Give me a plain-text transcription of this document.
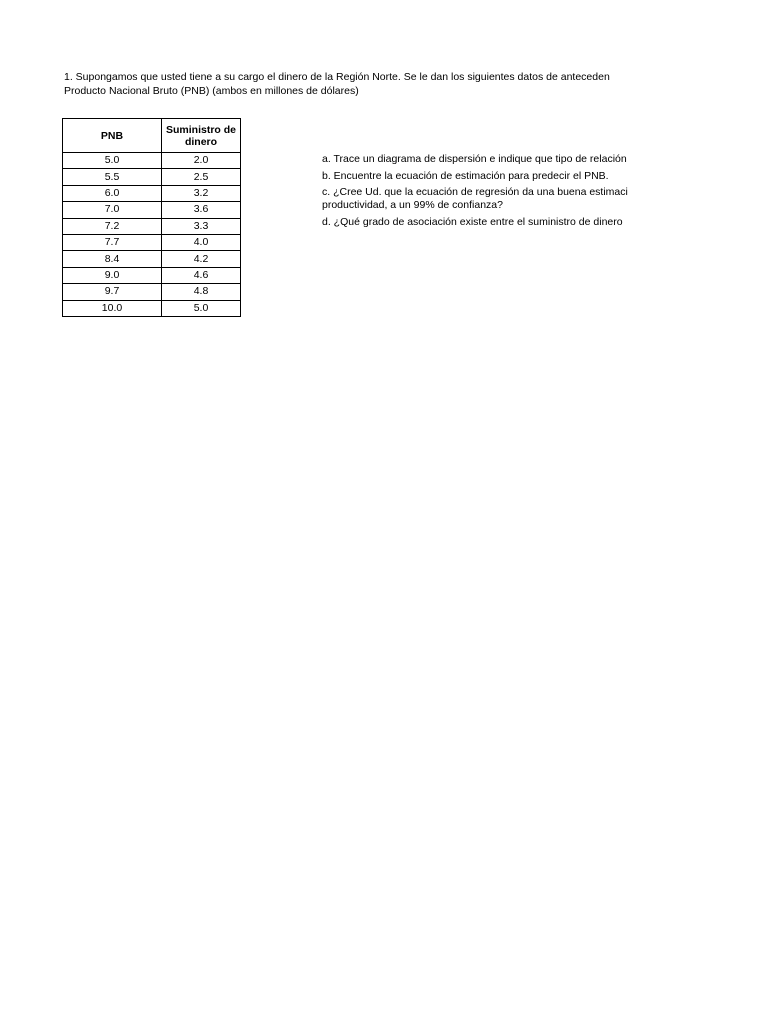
1. Supongamos que usted tiene a su cargo el dinero de la Región Norte. Se le dan los siguientes datos de anteceden
Producto Nacional Bruto (PNB) (ambos en millones de dólares)
PNB	Suministro de dinero
5.0	2.0
5.5	2.5
6.0	3.2
7.0	3.6
7.2	3.3
7.7	4.0
8.4	4.2
9.0	4.6
9.7	4.8
10.0	5.0
a. Trace un diagrama de dispersión e indique que tipo de relación
b. Encuentre la ecuación de estimación para predecir el PNB.
c. ¿Cree Ud. que la ecuación de regresión da una buena estimaci
productividad, a un 99% de confianza?
d. ¿Qué grado de asociación existe entre el suministro de dinero
